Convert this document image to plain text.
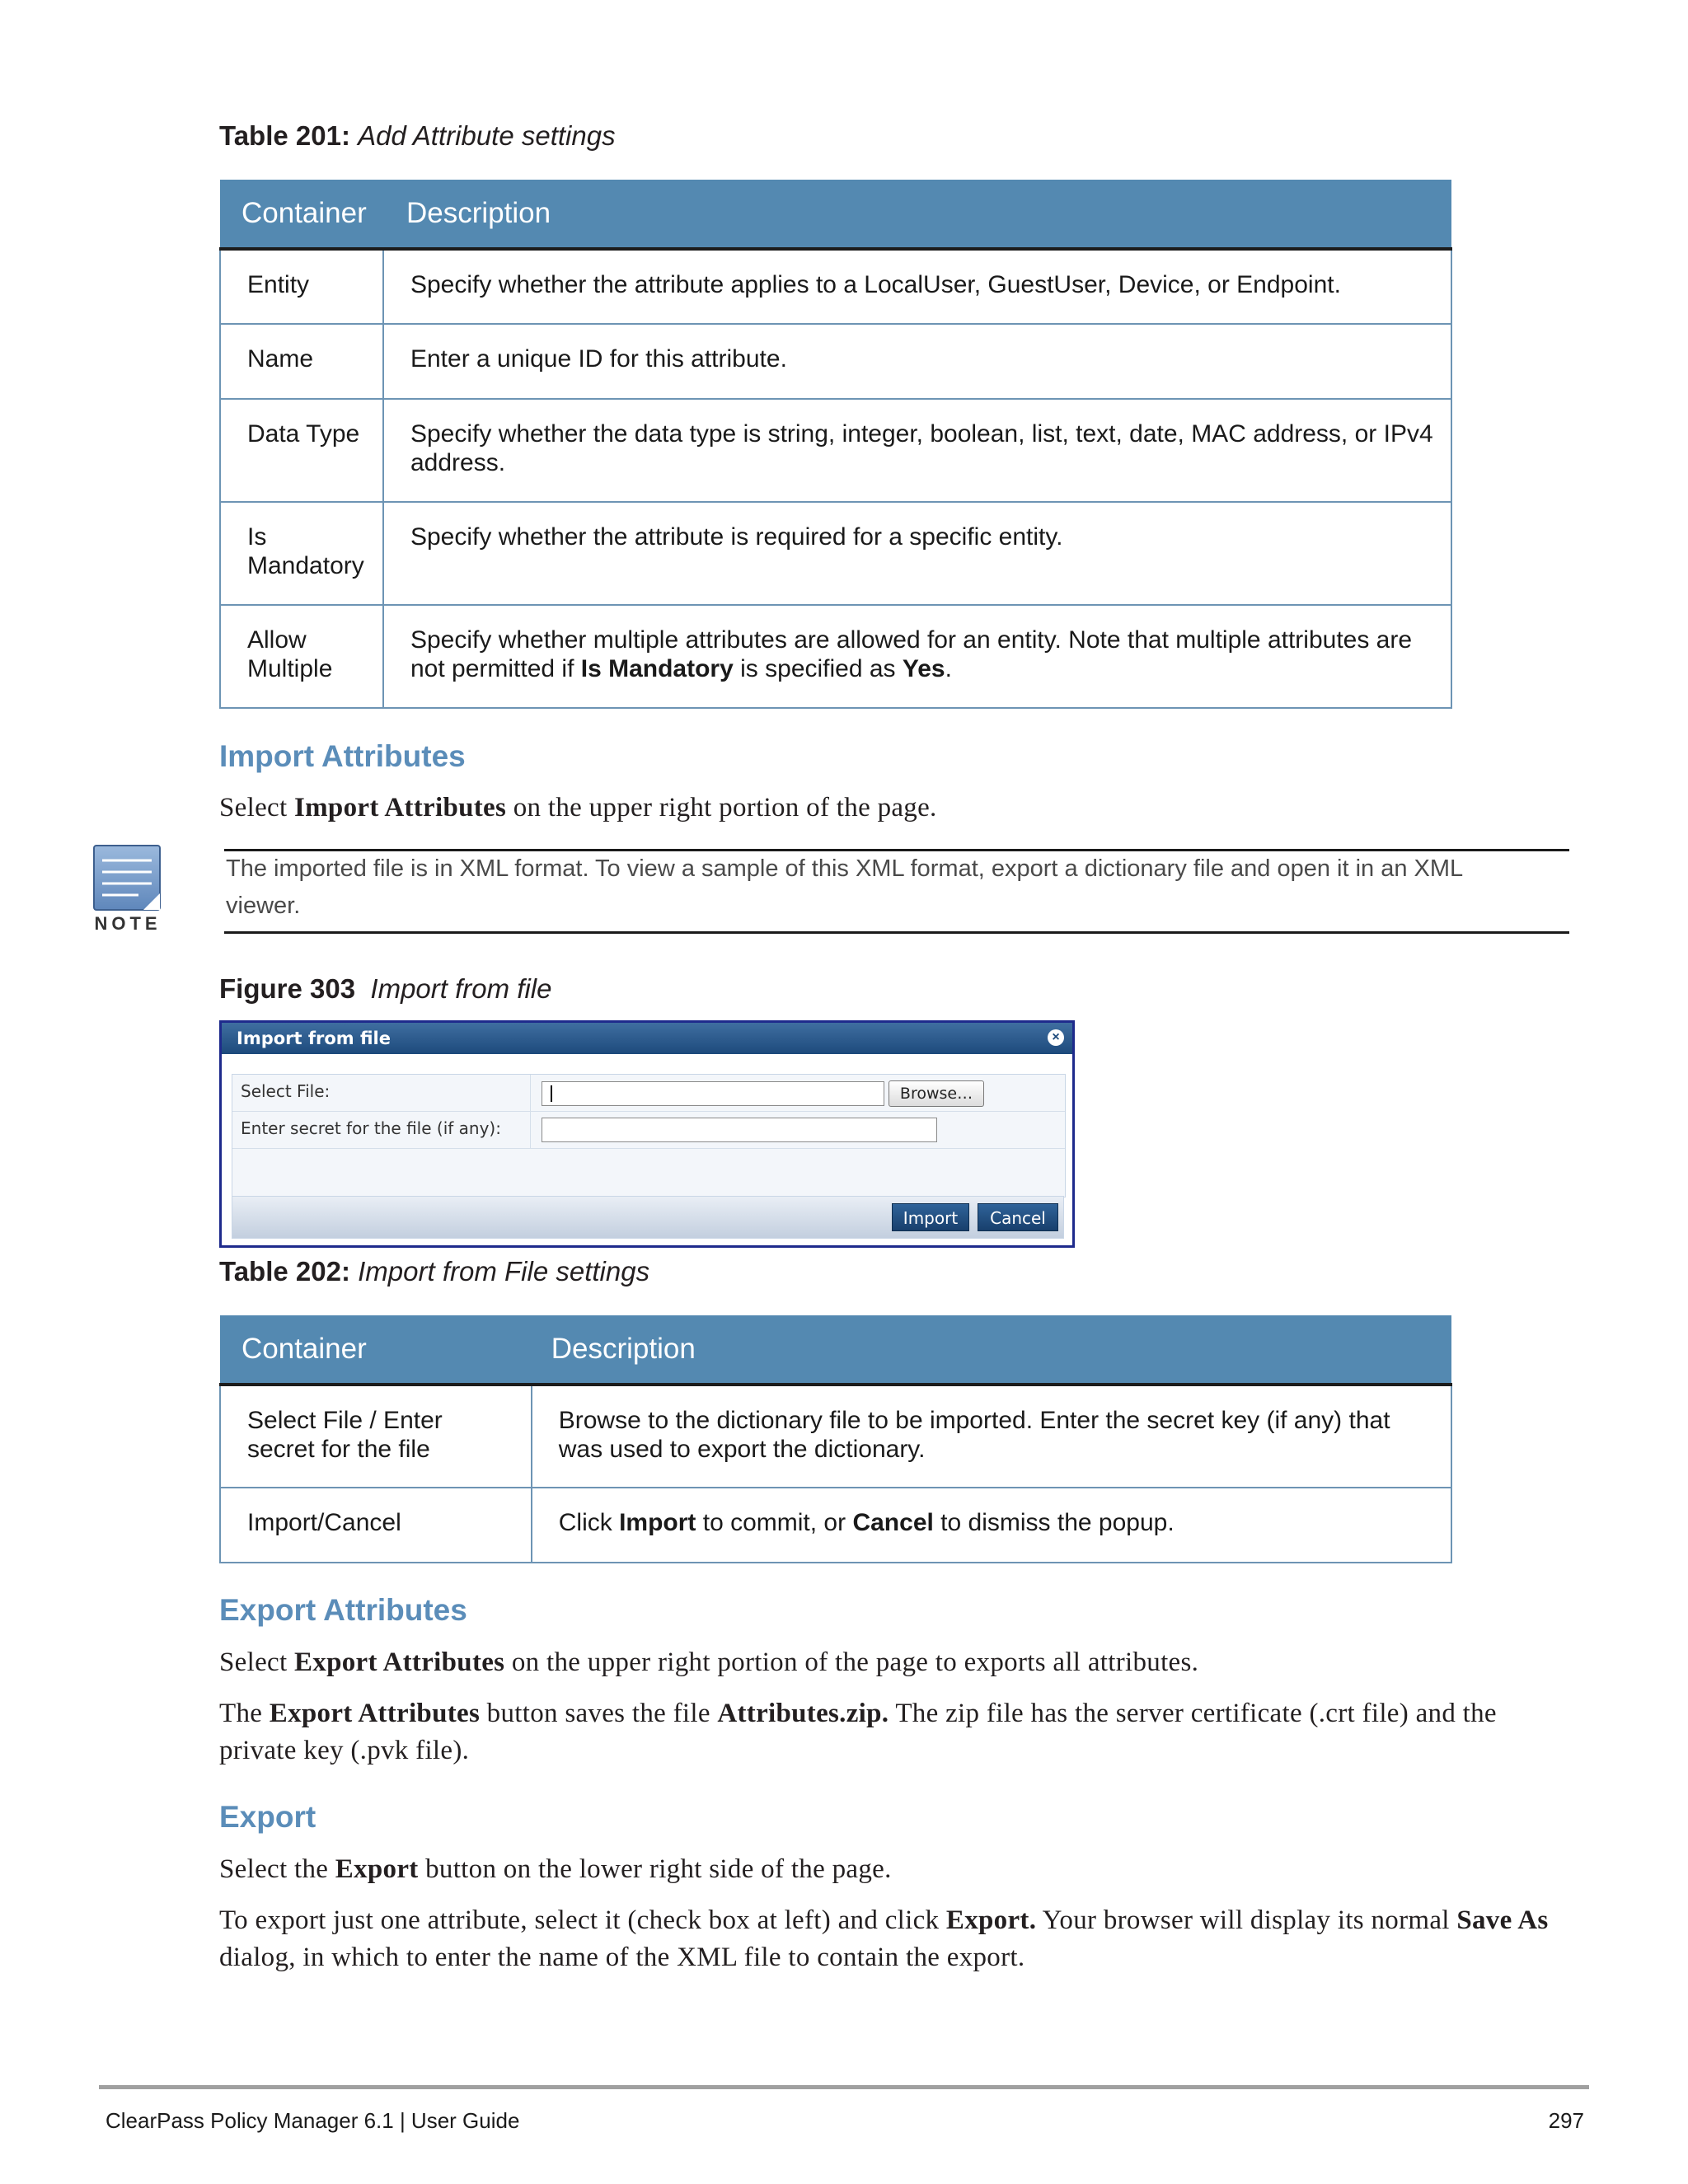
Table 201: Add Attribute settings
Container	Description
Entity	Specify whether the attribute applies to a LocalUser, GuestUser, Device, or Endpoint.
Name	Enter a unique ID for this attribute.
Data Type	Specify whether the data type is string, integer, boolean, list, text, date, MAC address, or IPv4 address.
Is Mandatory	Specify whether the attribute is required for a specific entity.
Allow Multiple	Specify whether multiple attributes are allowed for an entity. Note that multiple attributes are not permitted if Is Mandatory is specified as Yes.
Import Attributes

Select Import Attributes on the upper right portion of the page.

NOTE
The imported file is in XML format. To view a sample of this XML format, export a dictionary file and open it in an XML viewer.
Figure 303 Import from file
Import from file	×
Select File:	Browse…
Enter secret for the file (if any):
Import	Cancel
Table 202: Import from File settings
Container	Description
Select File / Enter secret for the file	Browse to the dictionary file to be imported. Enter the secret key (if any) that was used to export the dictionary.
Import/Cancel	Click Import to commit, or Cancel to dismiss the popup.
Export Attributes

Select Export Attributes on the upper right portion of the page to exports all attributes.

The Export Attributes button saves the file Attributes.zip. The zip file has the server certificate (.crt file) and the private key (.pvk file).

Export

Select the Export button on the lower right side of the page.

To export just one attribute, select it (check box at left) and click Export. Your browser will display its normal Save As dialog, in which to enter the name of the XML file to contain the export.

ClearPass Policy Manager 6.1 | User Guide	297
